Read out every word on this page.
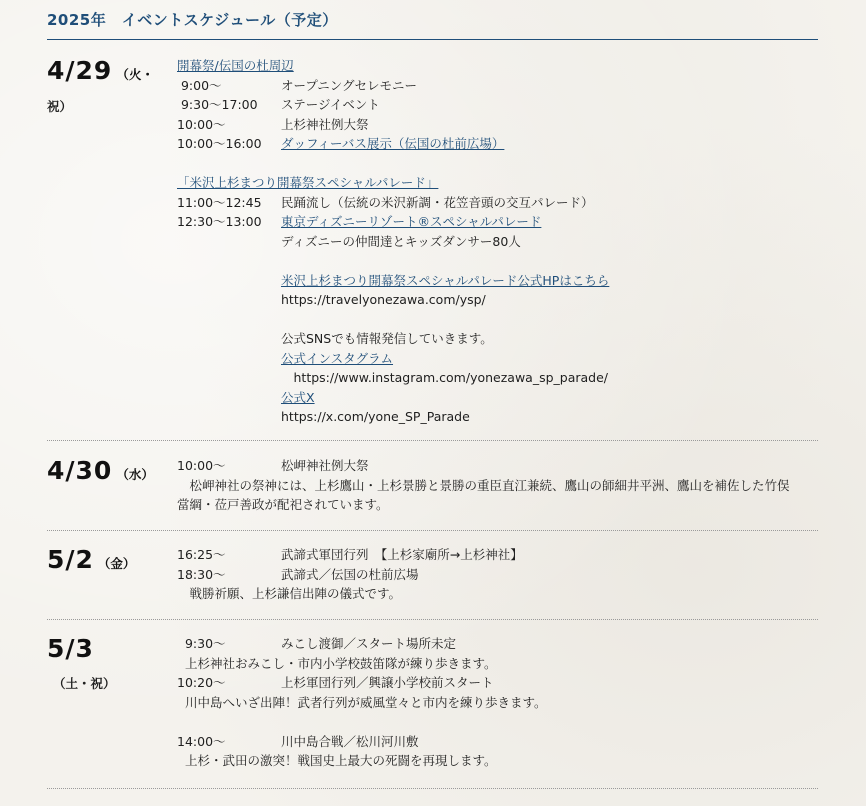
2025年　イベントスケジュール（予定）
4/29 （火・
祝）
開幕祭/伝国の杜周辺
9:00～	オープニングセレモニー
9:30～17:00 ステージイベント
10:00～	上杉神社例大祭
10:00～16:00 ダッフィーバス展示（伝国の杜前広場）
「米沢上杉まつり開幕祭スペシャルパレード」
11:00～12:45 民踊流し（伝統の米沢新調・花笠音頭の交互パレード）
12:30～13:00 東京ディズニーリゾート®スペシャルパレード
ディズニーの仲間達とキッズダンサー80人
米沢上杉まつり開幕祭スペシャルパレード公式HPはこちら
https://travelyonezawa.com/ysp/
公式SNSでも情報発信していきます。
公式インスタグラム
　https://www.instagram.com/yonezawa_sp_parade/
公式X
https://x.com/yone_SP_Parade
4/30 （水）
10:00～	松岬神社例大祭
　松岬神社の祭神には、上杉鷹山・上杉景勝と景勝の重臣直江兼続、鷹山の師細井平洲、鷹山を補佐した竹俣
當綱・莅戸善政が配祀されています。
5/2 （金）
16:25～	武諦式軍団行列　【上杉家廟所→上杉神社】
18:30～	武諦式／伝国の杜前広場
　戦勝祈願、上杉謙信出陣の儀式です。
5/3
（土・祝）
9:30～	みこし渡御／スタート場所未定
上杉神社おみこし・市内小学校鼓笛隊が練り歩きます。
10:20～	上杉軍団行列／興譲小学校前スタート
川中島へいざ出陣！武者行列が威風堂々と市内を練り歩きます。
14:00～	川中島合戦／松川河川敷
上杉・武田の激突！戦国史上最大の死闘を再現します。
